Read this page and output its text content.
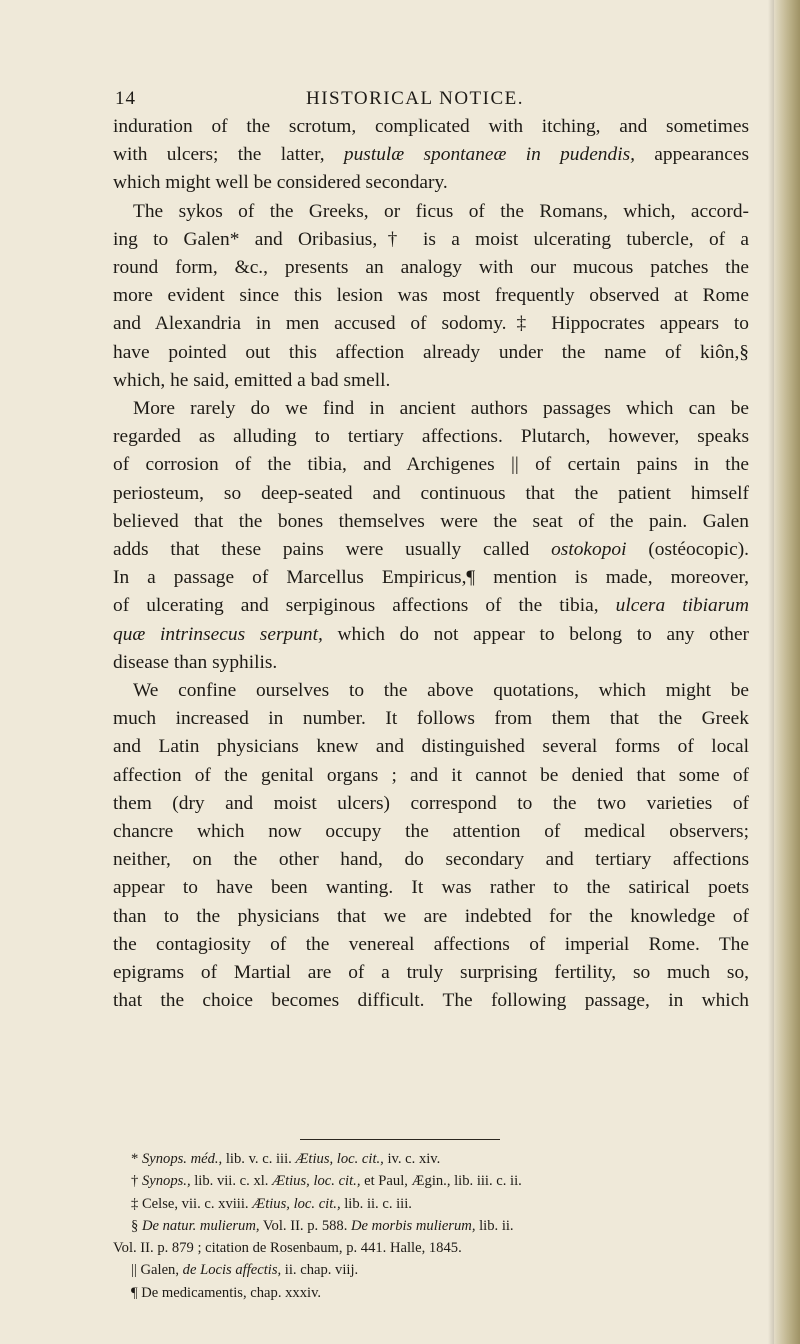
14	HISTORICAL NOTICE.
induration of the scrotum, complicated with itching, and sometimes
with ulcers; the latter, pustulæ spontaneæ in pudendis, appearances
which might well be considered secondary.
The sykos of the Greeks, or ficus of the Romans, which, accord-
ing to Galen* and Oribasius,† is a moist ulcerating tubercle, of a
round form, &c., presents an analogy with our mucous patches the
more evident since this lesion was most frequently observed at Rome
and Alexandria in men accused of sodomy.‡ Hippocrates appears to
have pointed out this affection already under the name of kiôn,§
which, he said, emitted a bad smell.
More rarely do we find in ancient authors passages which can be
regarded as alluding to tertiary affections. Plutarch, however, speaks
of corrosion of the tibia, and Archigenes || of certain pains in the
periosteum, so deep-seated and continuous that the patient himself
believed that the bones themselves were the seat of the pain. Galen
adds that these pains were usually called ostokopoi (ostéocopic).
In a passage of Marcellus Empiricus,¶ mention is made, moreover,
of ulcerating and serpiginous affections of the tibia, ulcera tibiarum
quæ intrinsecus serpunt, which do not appear to belong to any other
disease than syphilis.
We confine ourselves to the above quotations, which might be
much increased in number. It follows from them that the Greek
and Latin physicians knew and distinguished several forms of local
affection of the genital organs ; and it cannot be denied that some of
them (dry and moist ulcers) correspond to the two varieties of
chancre which now occupy the attention of medical observers;
neither, on the other hand, do secondary and tertiary affections
appear to have been wanting. It was rather to the satirical poets
than to the physicians that we are indebted for the knowledge of
the contagiosity of the venereal affections of imperial Rome. The
epigrams of Martial are of a truly surprising fertility, so much so,
that the choice becomes difficult. The following passage, in which
* Synops. méd., lib. v. c. iii. Ætius, loc. cit., iv. c. xiv.
† Synops., lib. vii. c. xl. Ætius, loc. cit., et Paul, Ægin., lib. iii. c. ii.
‡ Celse, vii. c. xviii. Ætius, loc. cit., lib. ii. c. iii.
§ De natur. mulierum, Vol. II. p. 588. De morbis mulierum, lib. ii.
Vol. II. p. 879 ; citation de Rosenbaum, p. 441. Halle, 1845.
|| Galen, de Locis affectis, ii. chap. viij.
¶ De medicamentis, chap. xxxiv.
